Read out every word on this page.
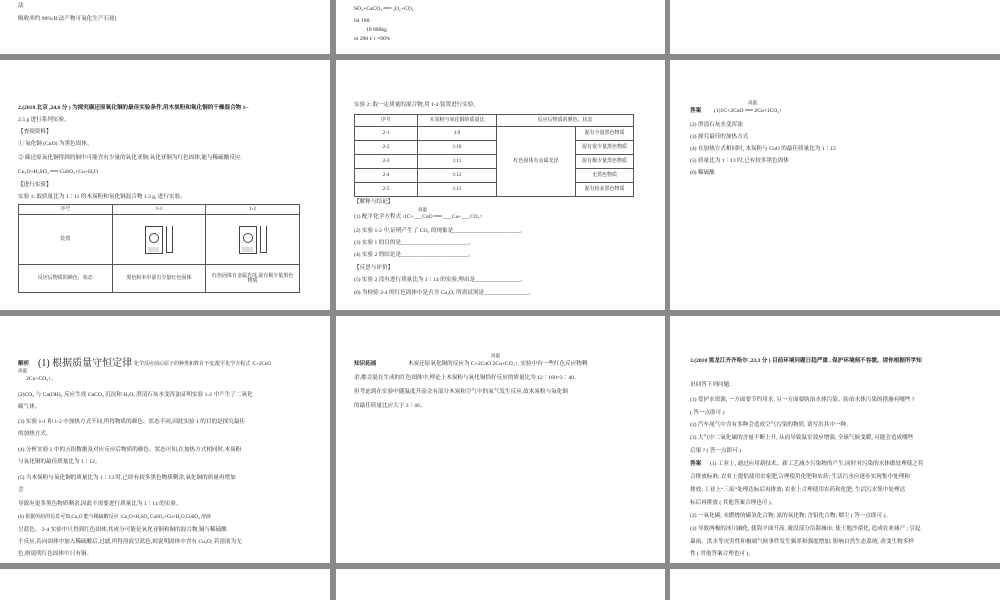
法
吸收率约 90%;B 法产物可氧化生产石膏]
SO₂+CaCO₃ ══ ₃O₂+CO₂
64 100
10 000kg
m 200 t/ t ×90%
2.(2018 北京 ,24,6 分 ) 为探究碳还原氧化铜的最佳实验条件,用木炭粉和氧化铜的干燥混合物 1~
2.5 g 进行系列实验。
【查阅资料】
① 氧化铜 (CuO) 为黑色固体。
② 碳还原氧化铜得到的铜中可能含有少量的氧化亚铜;氧化亚铜为红色固体,能与稀硫酸反应:
Cu₂O+H₂SO₄ ══ CuSO₄+Cu+H₂O
【进行实验】
实验 1: 取质量比为 1∶11 的木炭粉和氧化铜混合物 1.3 g, 进行实验。
序号	1-1	1-2
装置		
反应后物质的颜色、状态	黑色粉末中混有少量红色固体	红色固体有金属光泽,混有极少量黑色物质
实验 2: 取一定质量的混合物,用 1-2 装置进行实验。
序号	木炭粉与氧化铜的质量比	反应后物质的颜色、状态	
2-1	1∶9	红色固体有金属光泽	混有少量黑色物质
2-2	1∶10		混有很少量黑色物质
2-3	1∶11		混有极少量黑色物质
2-4	1∶12		无黑色物质
2-5	1∶13		混有较多黑色物质
【解释与结论】
高温
(1) 配平化学方程式 :1C+___CuO ══ ___Cu+___CO₂↑
(2) 实验 1-2 中,证明产生了 CO₂ 的现象是________________________。
(3) 实验 1 的目的是________________________。
(4) 实验 2 的结论是________________________。
【反思与评价】
(5) 实验 2 没有进行质量比为 1∶14 的实验,理由是________________。
(6) 为检验 2-4 的红色固体中是否含 Cu₂O, 所需试剂是________________。
答案
高温
(1)1C+2CuO ══ 2Cu+1CO₂↑
(2) 澄清石灰水变浑浊
(3) 探究最佳的加热方式
(4) 在加热方式相同时, 木炭粉与 CuO 的最佳质量比为 1∶12
(5) 质量比为 1∶13 时,已有较多黑色固体
(6) 稀硫酸
解析
高温
(1) 根据质量守恒定律 化学反应前后原子的种类和数目不变,配平化学方程式 :C+2CuO
2Cu+CO₂↑。
(2)CO₂ 与 Ca(OH)₂ 反应生成 CaCO₃ 沉淀和 H₂O, 澄清石灰水变浑浊证明实验 1-2 中产生了二氧化
碳气体。
(3) 实验 1-1 和 1-2 中加热方式不同,所得物质的颜色、状态不同,因此实验 1 的目的是探究最佳
的加热方式。
(4) 分析实验 2 中的五组数据及对应反应后物质的颜色、状态可知,在加热方式相同时,木炭粉
与氧化铜的最佳质量比为 1∶12。
(5) 当木炭粉与氧化铜的质量比为 1∶13 时,已经有较多黑色物质剩余,氧化铜的质量再增加
会
导致有更多黑色物质剩余,因此不需要进行质量比为 1∶14 的实验。
(6) 依据所给的信息可知,Cu₂O 能与稀硫酸反应 :Cu₂O+H₂SO₄ CuSO₄+Cu+H₂O,CuSO₄ 溶液
呈蓝色。 2-4 实验中只得到红色固体,其成分可能是氧化亚铜和铜的混合物,铜与稀硫酸
不反应,若向固体中加入稀硫酸后,过滤,所得溶液呈蓝色,则说明固体中含有 Cu₂O; 若溶液为无
色,则说明红色固体中只有铜。
知识拓展
高温
木炭还原氧化铜的反应为 C+2CuO 2Cu+CO₂↑, 实验中有一些红色反应物剩
余,都会混在生成的红色固体中,理论上木炭粉与氧化铜恰好反应的质量比为 12∶160=3∶40。
但考虑到在实验中随温度升高会有部分木炭和空气中的氧气发生反应,故木炭粉与氧化铜
的最佳质量比应大于 3∶40。
3.(2018 黑龙江齐齐哈尔 ,23,3 分 ) 目前环境问题日趋严重 , 保护环境刻不容缓。请你根据所学知
识回答下列问题:
(1) 爱护水资源, 一方面要节约用水, 另一方面要防治水体污染。防治水体污染的措施有哪些 ?
( 答一点即可 )
(2) 汽车尾气中含有多种会造成空气污染的物质, 请写出其中一种。
(3) 大气中二氧化碳的含量不断上升, 从而导致温室效应增强, 全球气候变暖, 可能会造成哪些
后果 ? ( 答一点即可 )
答案 (1) 工业上, 通过应用新技术、新工艺减少污染物的产生,同时对污染的水体做处理使之符
合排放标准; 农业上提倡使用农家肥,合理使用化肥和农药; 生活污水应逐步实现集中处理和
排放; 工业上“三废”处理达标后再排放; 农业上合理使用农药和化肥; 生活污水集中处理达
标后再排放 ( 其他答案合理也可 )。
(2) 一氧化碳; 未燃烧的碳氢化合物; 氮的氧化物; 含铅化合物; 烟尘 ( 答一点即可 )。
(3) 导致两极的冰川融化, 使海平面升高, 淹没部分沿海城市; 使土地沙漠化, 造成农业减产 ; 引起
暴雨、洪水等灾害性和极端气候事件发生频率和强度增加; 影响自然生态系统, 改变生物多样
性 ( 其他答案合理也可 )。
